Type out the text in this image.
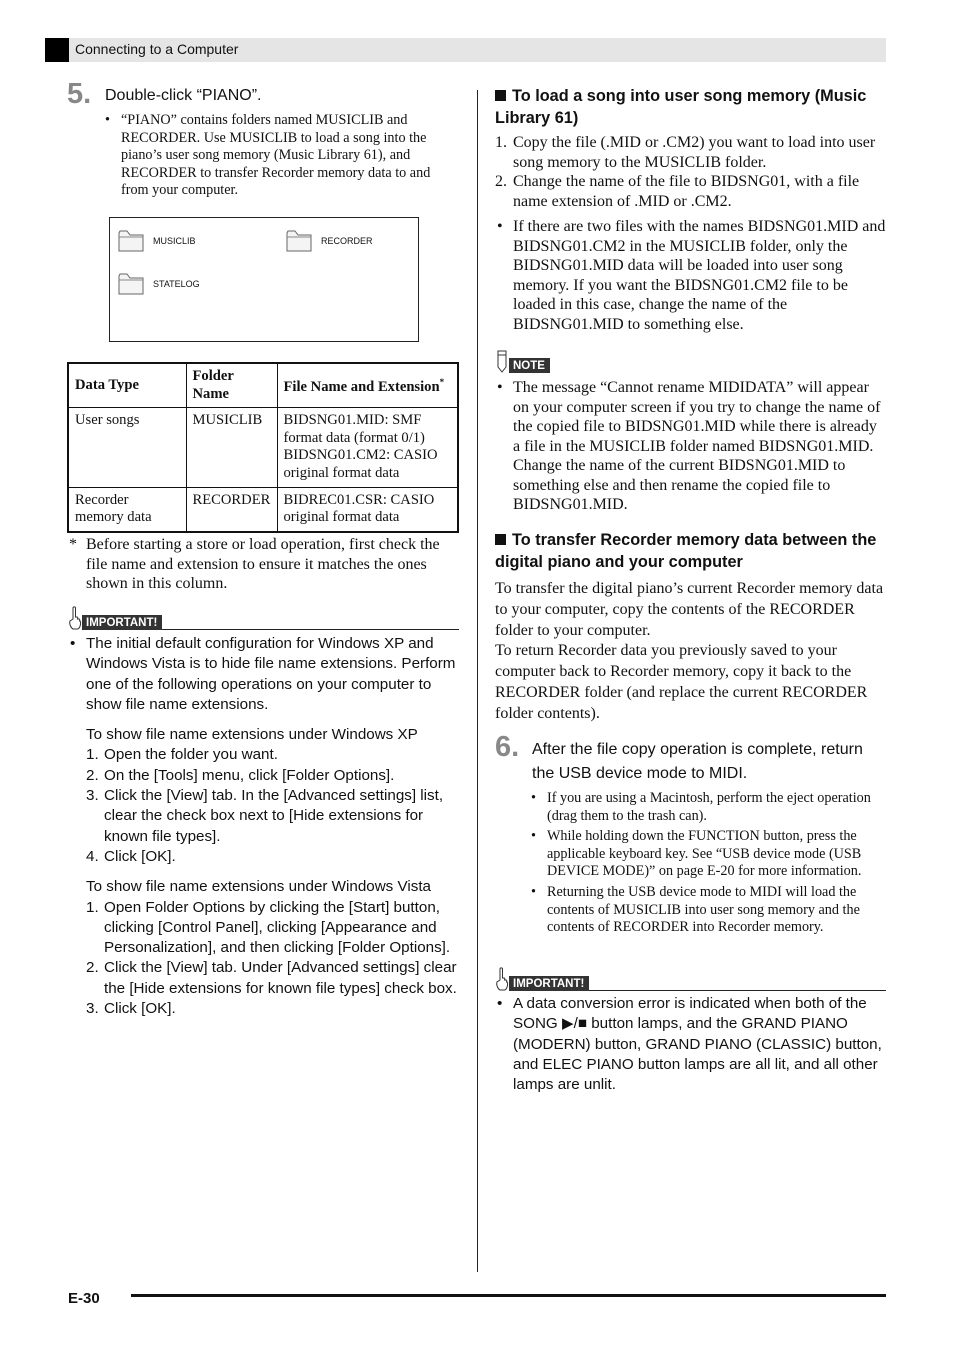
Connecting to a Computer
5. Double-click “PIANO”.
• “PIANO” contains folders named MUSICLIB and RECORDER. Use MUSICLIB to load a song into the piano’s user song memory (Music Library 61), and RECORDER to transfer Recorder memory data to and from your computer.
MUSICLIB	RECORDER
STATELOG
Data Type	Folder Name	File Name and Extension*
User songs	MUSICLIB	BIDSNG01.MID: SMF format data (format 0/1)
BIDSNG01.CM2: CASIO original format data

Recorder memory data	RECORDER	BIDREC01.CSR: CASIO original format data
* Before starting a store or load operation, first check the file name and extension to ensure it matches the ones shown in this column.
IMPORTANT!
• The initial default configuration for Windows XP and Windows Vista is to hide file name extensions. Perform one of the following operations on your computer to show file name extensions.
To show file name extensions under Windows XP
1. Open the folder you want.
2. On the [Tools] menu, click [Folder Options].
3. Click the [View] tab. In the [Advanced settings] list, clear the check box next to [Hide extensions for known file types].
4. Click [OK].
To show file name extensions under Windows Vista
1. Open Folder Options by clicking the [Start] button, clicking [Control Panel], clicking [Appearance and Personalization], and then clicking [Folder Options].
2. Click the [View] tab. Under [Advanced settings] clear the [Hide extensions for known file types] check box.
3. Click [OK].
To load a song into user song memory (Music Library 61)
1. Copy the file (.MID or .CM2) you want to load into user song memory to the MUSICLIB folder.
2. Change the name of the file to BIDSNG01, with a file name extension of .MID or .CM2.
• If there are two files with the names BIDSNG01.MID and BIDSNG01.CM2 in the MUSICLIB folder, only the BIDSNG01.MID data will be loaded into user song memory. If you want the BIDSNG01.CM2 file to be loaded in this case, change the name of the BIDSNG01.MID to something else.
NOTE
• The message “Cannot rename MIDIDATA” will appear on your computer screen if you try to change the name of the copied file to BIDSNG01.MID while there is already a file in the MUSICLIB folder named BIDSNG01.MID. Change the name of the current BIDSNG01.MID to something else and then rename the copied file to BIDSNG01.MID.
To transfer Recorder memory data between the digital piano and your computer
To transfer the digital piano’s current Recorder memory data to your computer, copy the contents of the RECORDER folder to your computer.
To return Recorder data you previously saved to your computer back to Recorder memory, copy it back to the RECORDER folder (and replace the current RECORDER folder contents).
6. After the file copy operation is complete, return the USB device mode to MIDI.
• If you are using a Macintosh, perform the eject operation (drag them to the trash can).
• While holding down the FUNCTION button, press the applicable keyboard key. See “USB device mode (USB DEVICE MODE)” on page E-20 for more information.
• Returning the USB device mode to MIDI will load the contents of MUSICLIB into user song memory and the contents of RECORDER into Recorder memory.
IMPORTANT!
• A data conversion error is indicated when both of the SONG ▶/■ button lamps, and the GRAND PIANO (MODERN) button, GRAND PIANO (CLASSIC) button, and ELEC PIANO button lamps are all lit, and all other lamps are unlit.
E-30
